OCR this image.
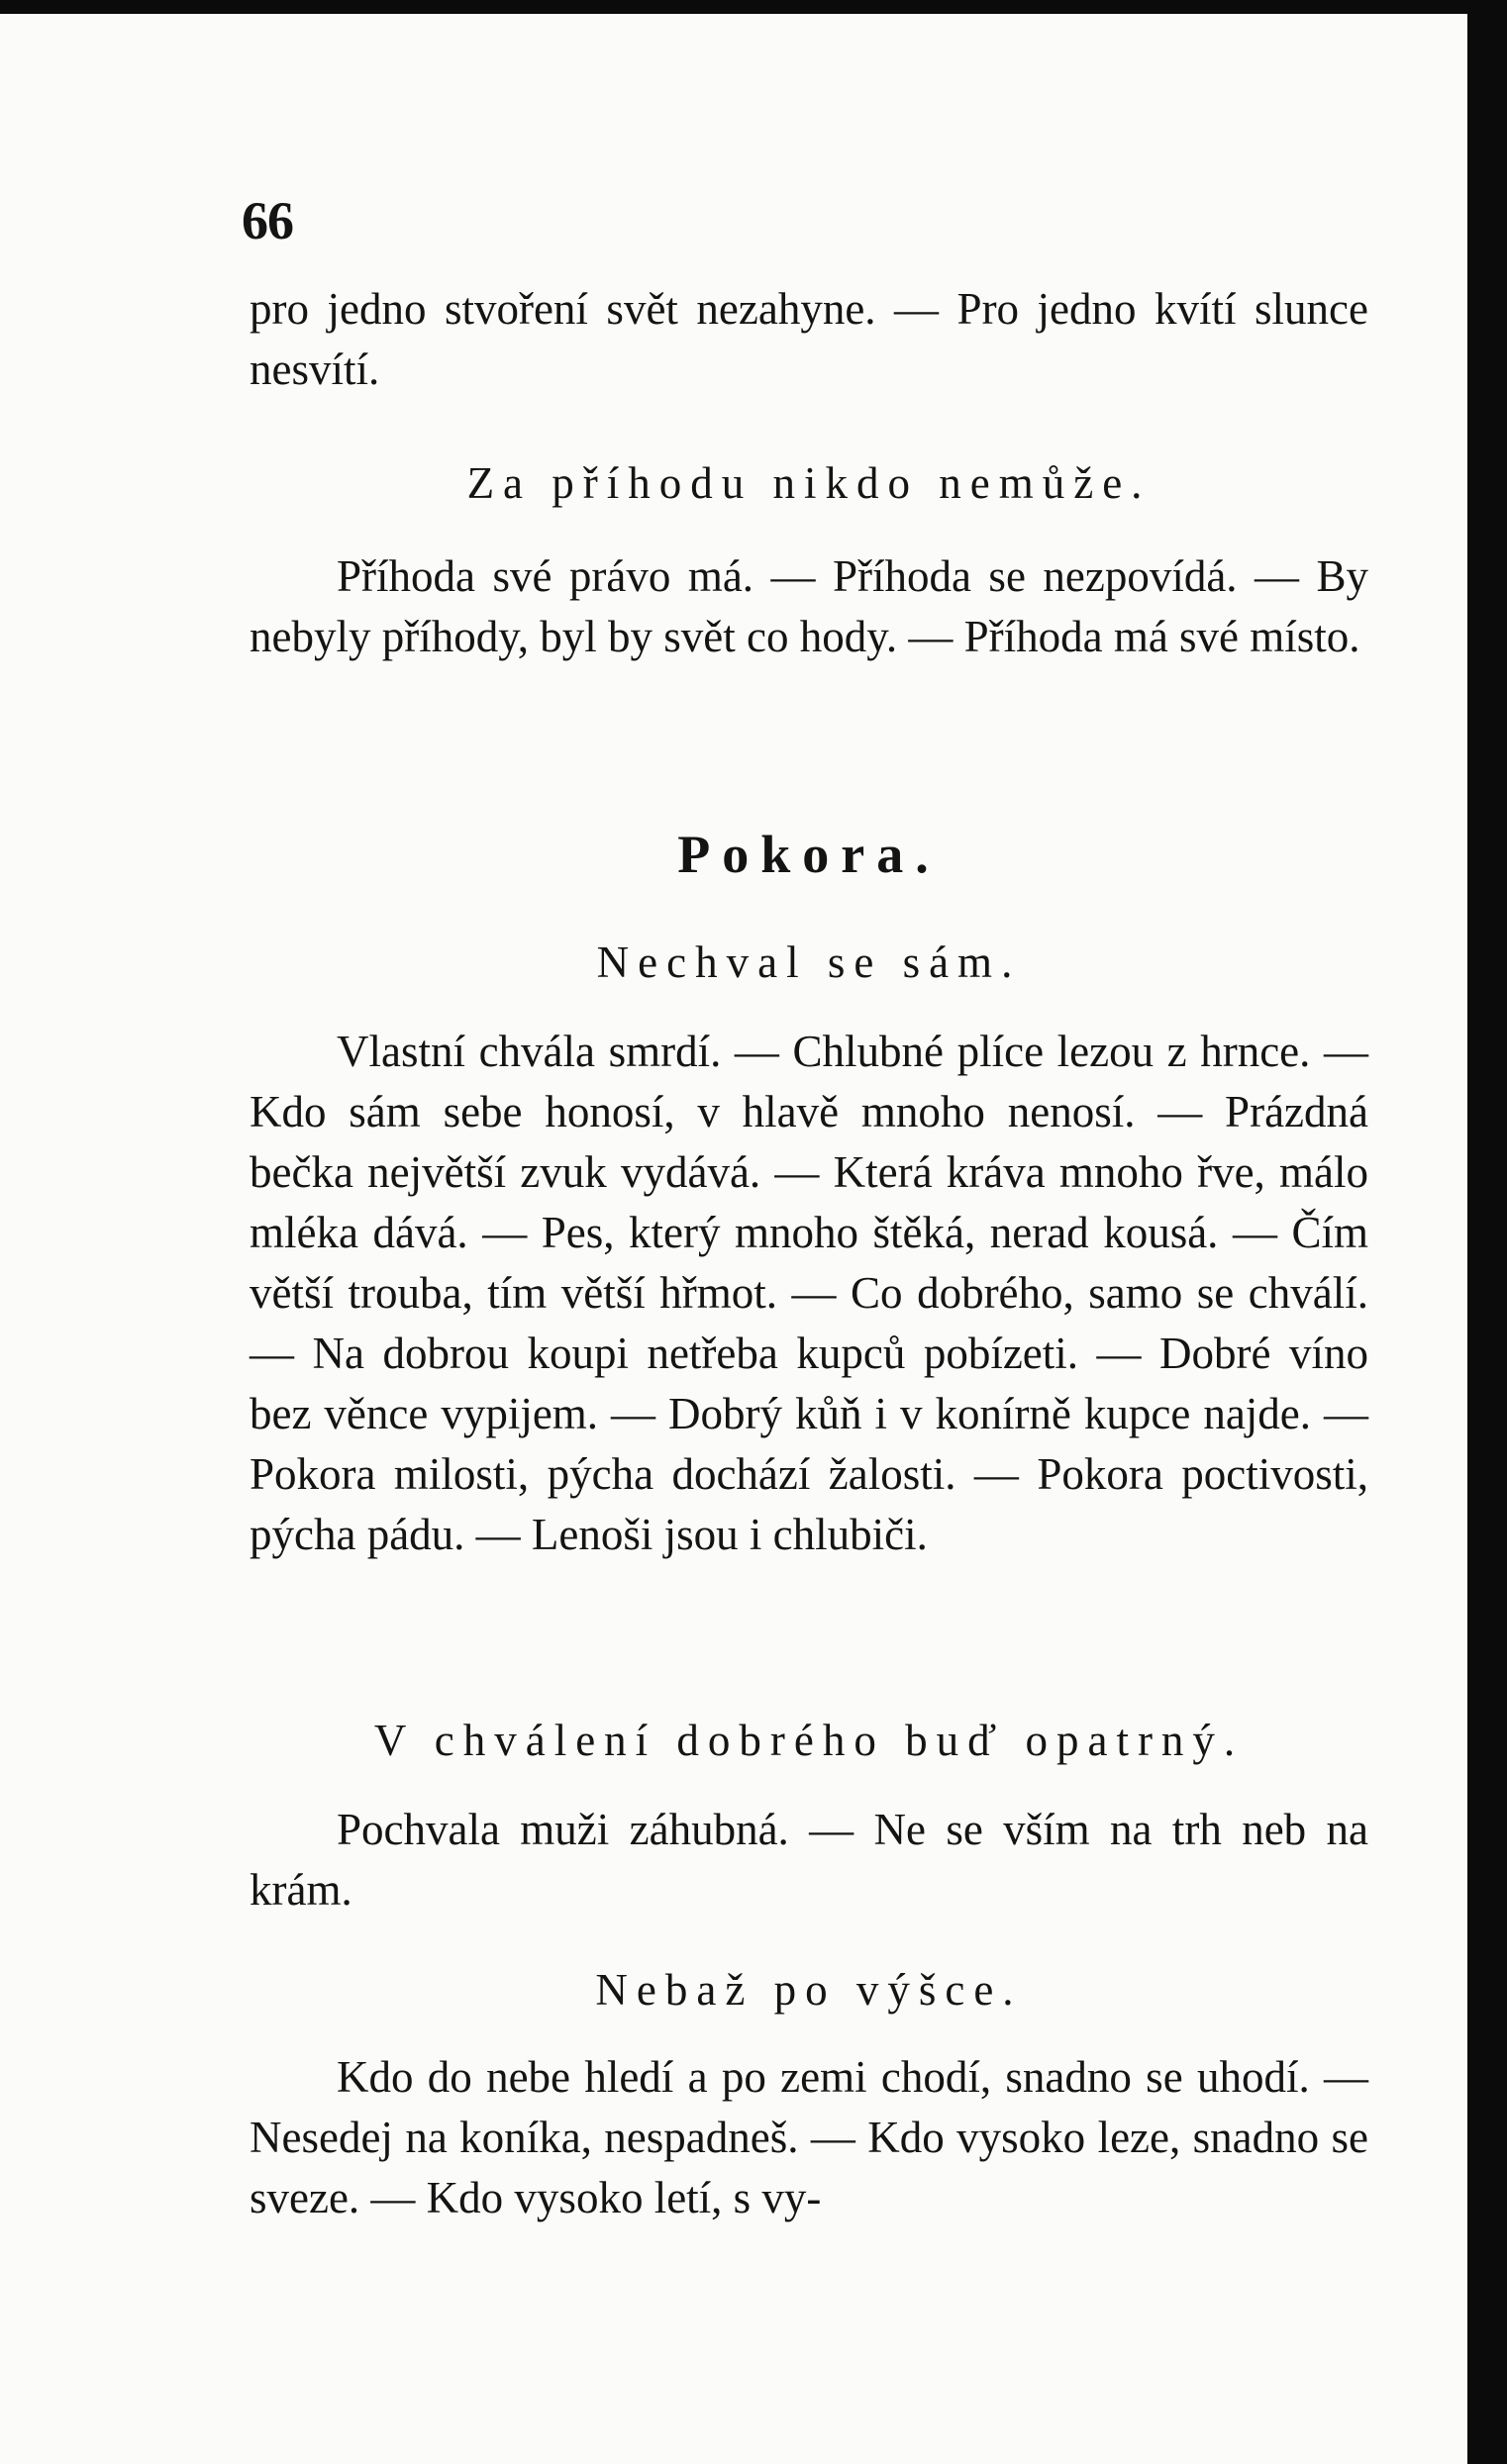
66

pro jedno stvoření svět nezahyne. — Pro jedno kvítí slunce nesvítí.

Za příhodu nikdo nemůže.

Příhoda své právo má. — Příhoda se nezpovídá. — By nebyly příhody, byl by svět co hody. — Příhoda má své místo.

Pokora.
Nechval se sám.

Vlastní chvála smrdí. — Chlubné plíce lezou z hrnce. — Kdo sám sebe honosí, v hlavě mnoho nenosí. — Prázdná bečka největší zvuk vydává. — Která kráva mnoho řve, málo mléka dává. — Pes, který mnoho štěká, nerad kousá. — Čím větší trouba, tím větší hřmot. — Co dobrého, samo se chválí. — Na dobrou koupi netřeba kupců pobízeti. — Dobré víno bez věnce vypijem. — Dobrý kůň i v konírně kupce najde. — Pokora milosti, pýcha dochází žalosti. — Pokora poctivosti, pýcha pádu. — Lenoši jsou i chlubiči.

V chválení dobrého buď opatrný.

Pochvala muži záhubná. — Ne se vším na trh neb na krám.

Nebaž po výšce.

Kdo do nebe hledí a po zemi chodí, snadno se uhodí. — Nesedej na koníka, nespadneš. — Kdo vysoko leze, snadno se sveze. — Kdo vysoko letí, s vy-
